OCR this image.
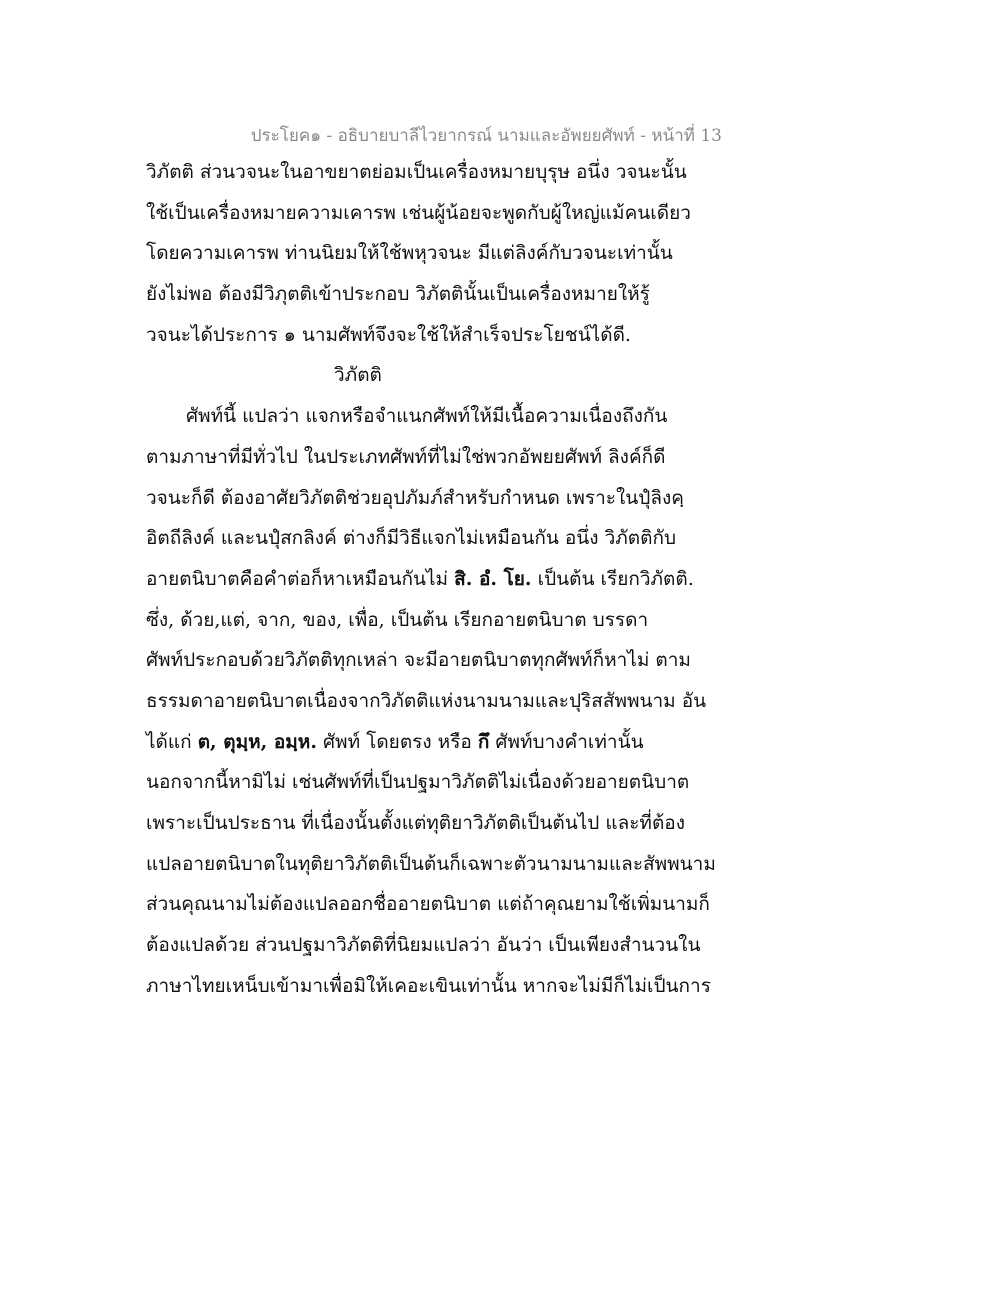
ประโยค๑ - อธิบายบาลีไวยากรณ์ นามและอัพยยศัพท์ - หน้าที่ 13
วิภัตติ ส่วนวจนะในอาขยาตย่อมเป็นเครื่องหมายบุรุษ อนึ่ง วจนะนั้น
ใช้เป็นเครื่องหมายความเคารพ เช่นผู้น้อยจะพูดกับผู้ใหญ่แม้คนเดียว
โดยความเคารพ ท่านนิยมให้ใช้พหุวจนะ มีแต่ลิงค์กับวจนะเท่านั้น
ยังไม่พอ ต้องมีวิภุตติเข้าประกอบ วิภัตตินั้นเป็นเครื่องหมายให้รู้
วจนะได้ประการ ๑ นามศัพท์จึงจะใช้ให้สำเร็จประโยชน์ได้ดี.
วิภัตติ
ศัพท์นี้ แปลว่า แจกหรือจำแนกศัพท์ให้มีเนื้อความเนื่องถึงกัน
ตามภาษาที่มีทั่วไป ในประเภทศัพท์ที่ไม่ใช่พวกอัพยยศัพท์ ลิงค์ก็ดี
วจนะก็ดี ต้องอาศัยวิภัตติช่วยอุปภัมภ์สำหรับกำหนด เพราะในปุํลิงคฺ
อิตถีลิงค์ และนปุํสกลิงค์ ต่างก็มีวิธีแจกไม่เหมือนกัน อนึ่ง วิภัตติกับ
อายตนิบาตคือคำต่อก็หาเหมือนกันไม่ สิ. อํ. โย. เป็นต้น เรียกวิภัตติ.
ซึ่ง, ด้วย,แต่, จาก, ของ, เพื่อ, เป็นต้น เรียกอายตนิบาต บรรดา
ศัพท์ประกอบด้วยวิภัตติทุกเหล่า จะมีอายตนิบาตทุกศัพท์ก็หาไม่ ตาม
ธรรมดาอายตนิบาตเนื่องจากวิภัตติแห่งนามนามและปุริสสัพพนาม อัน
ได้แก่ ต, ตุมฺห, อมฺห. ศัพท์ โดยตรง หรือ กึ ศัพท์บางคำเท่านั้น
นอกจากนี้หามิไม่ เช่นศัพท์ที่เป็นปฐมาวิภัตติไม่เนื่องด้วยอายตนิบาต
เพราะเป็นประธาน ที่เนื่องนั้นตั้งแต่ทุติยาวิภัตติเป็นต้นไป และที่ต้อง
แปลอายตนิบาตในทุติยาวิภัตติเป็นต้นก็เฉพาะตัวนามนามและสัพพนาม
ส่วนคุณนามไม่ต้องแปลออกชื่ออายตนิบาต แต่ถ้าคุณยามใช้เพิ่มนามก็
ต้องแปลด้วย ส่วนปฐมาวิภัตติที่นิยมแปลว่า อันว่า เป็นเพียงสำนวนใน
ภาษาไทยเหน็บเข้ามาเพื่อมิให้เคอะเขินเท่านั้น หากจะไม่มีก็ไม่เป็นการ
